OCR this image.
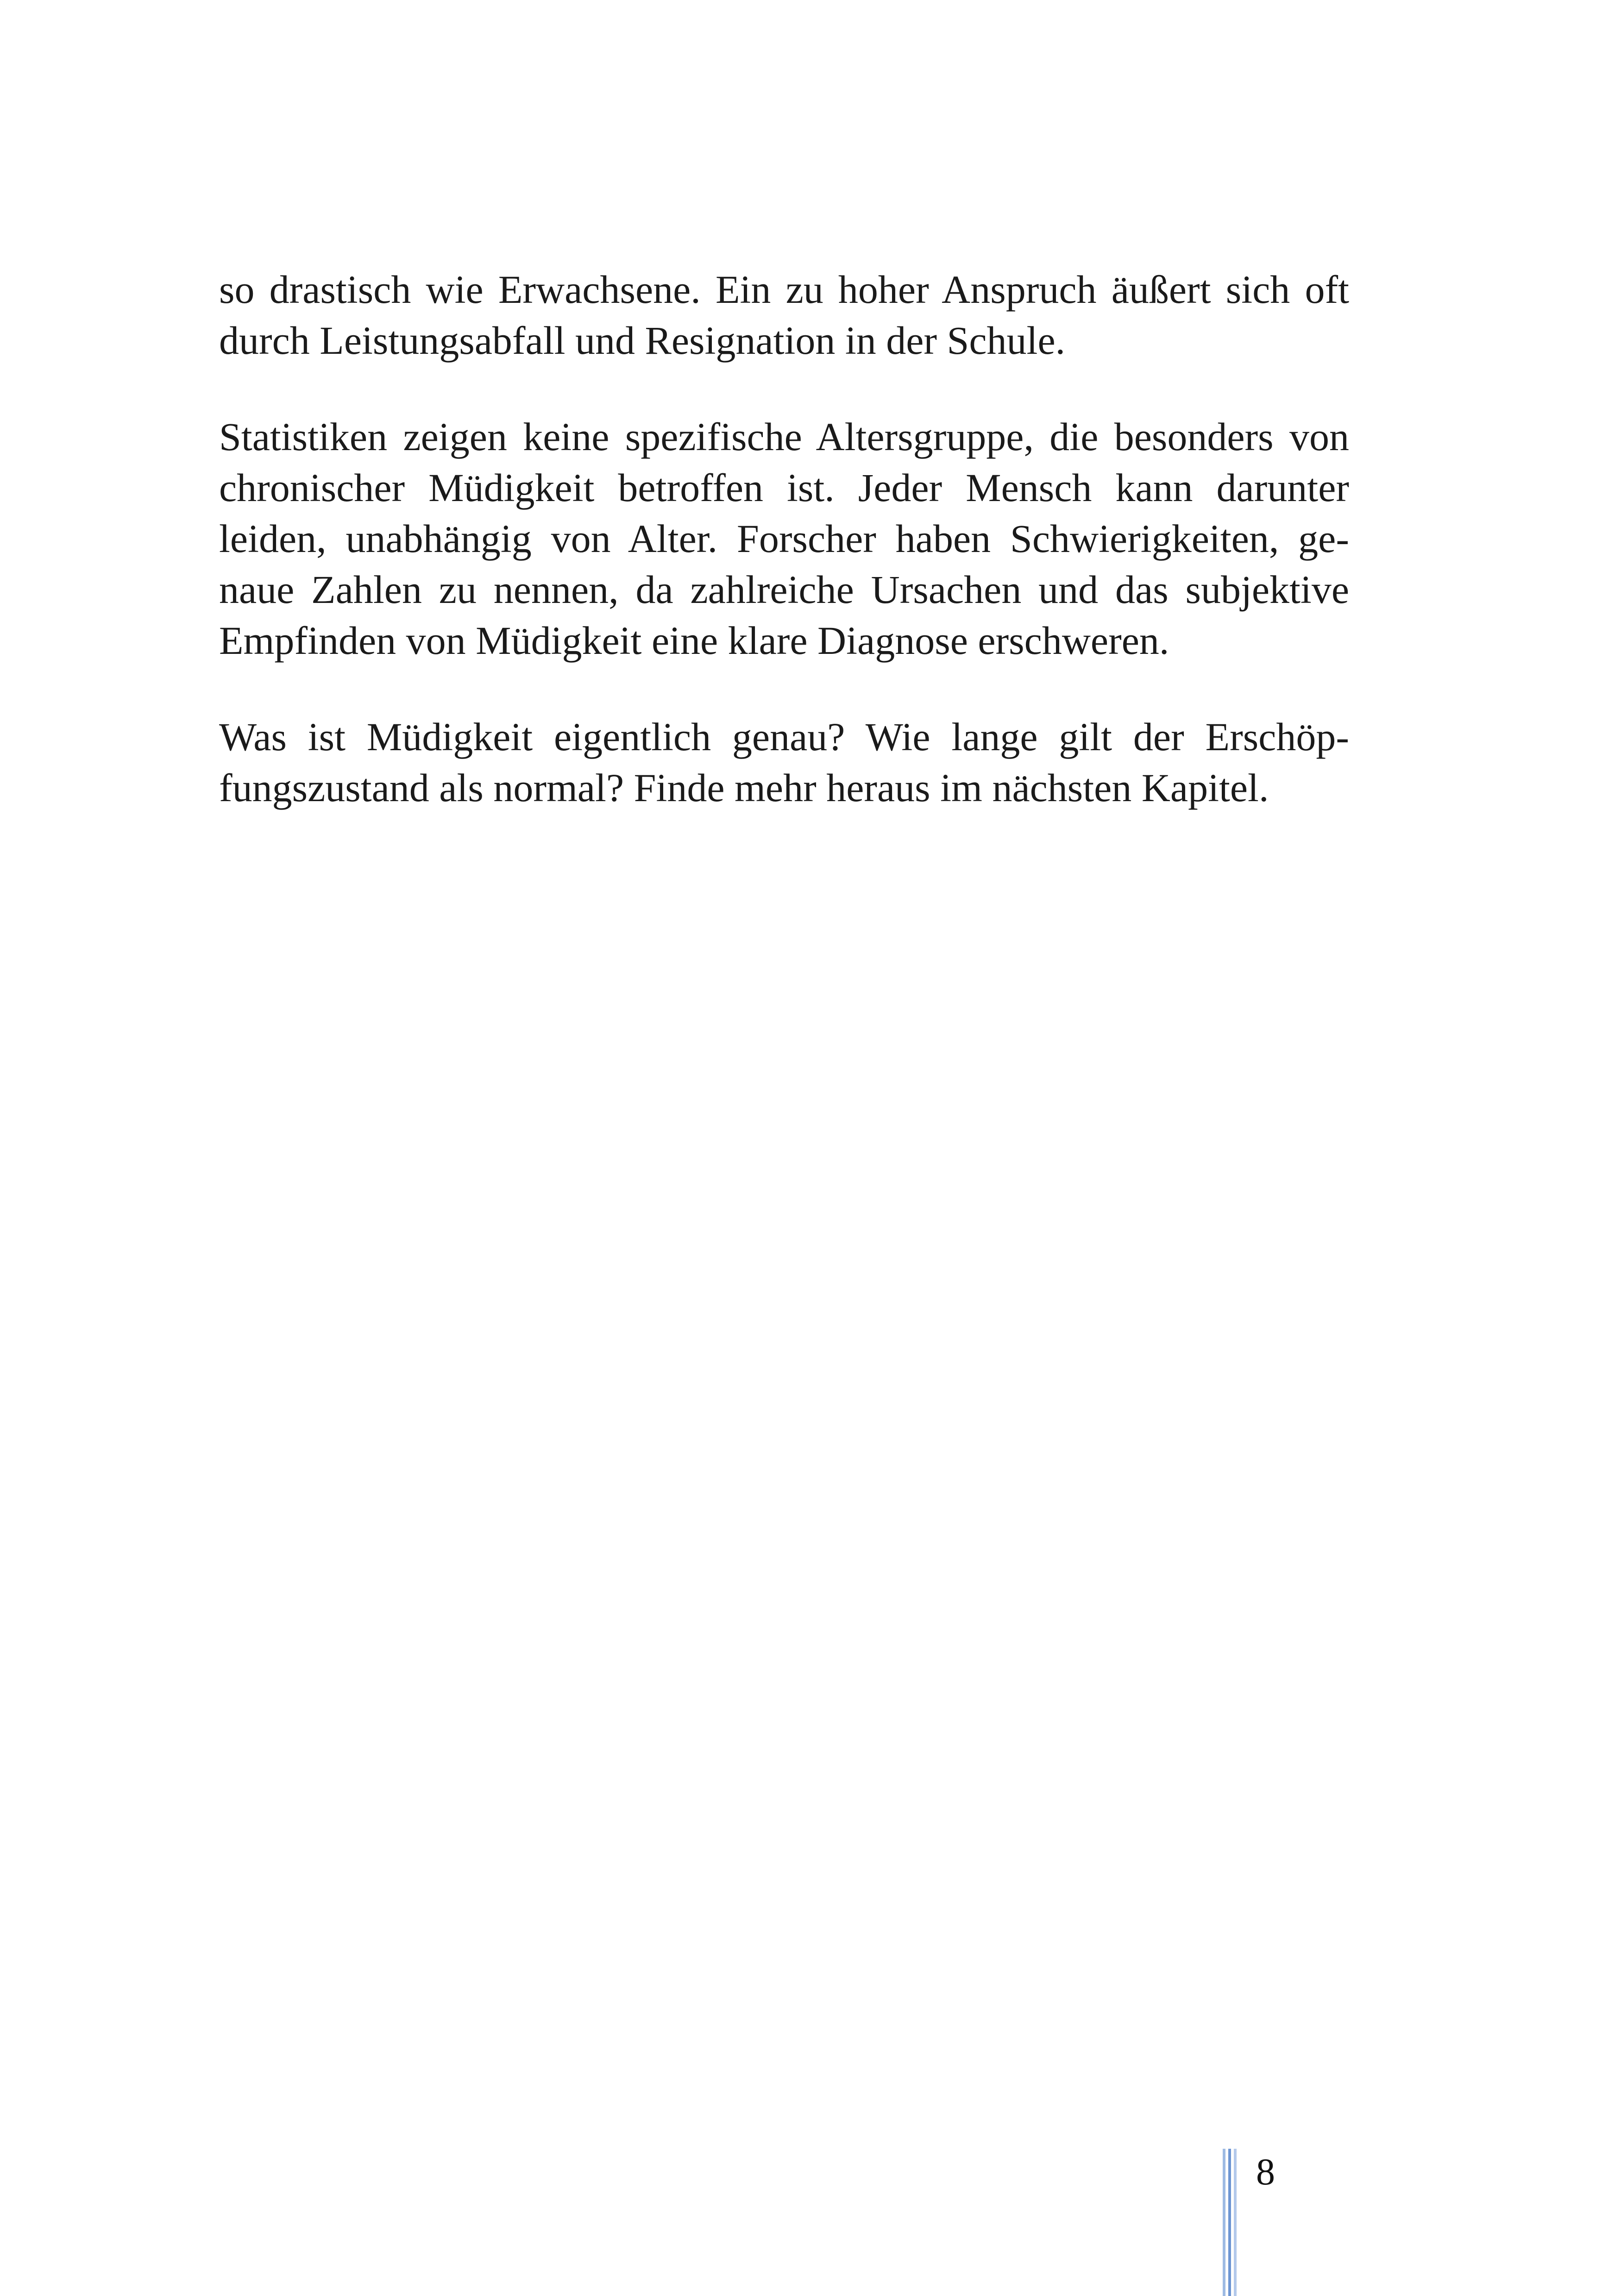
so drastisch wie Erwachsene. Ein zu hoher Anspruch äußert sich oft
durch Leistungsabfall und Resignation in der Schule.
Statistiken zeigen keine spezifische Altersgruppe, die besonders von
chronischer Müdigkeit betroffen ist. Jeder Mensch kann darunter
leiden, unabhängig von Alter. Forscher haben Schwierigkeiten, ge-
naue Zahlen zu nennen, da zahlreiche Ursachen und das subjektive
Empfinden von Müdigkeit eine klare Diagnose erschweren.
Was ist Müdigkeit eigentlich genau? Wie lange gilt der Erschöp-
fungszustand als normal? Finde mehr heraus im nächsten Kapitel.
8
